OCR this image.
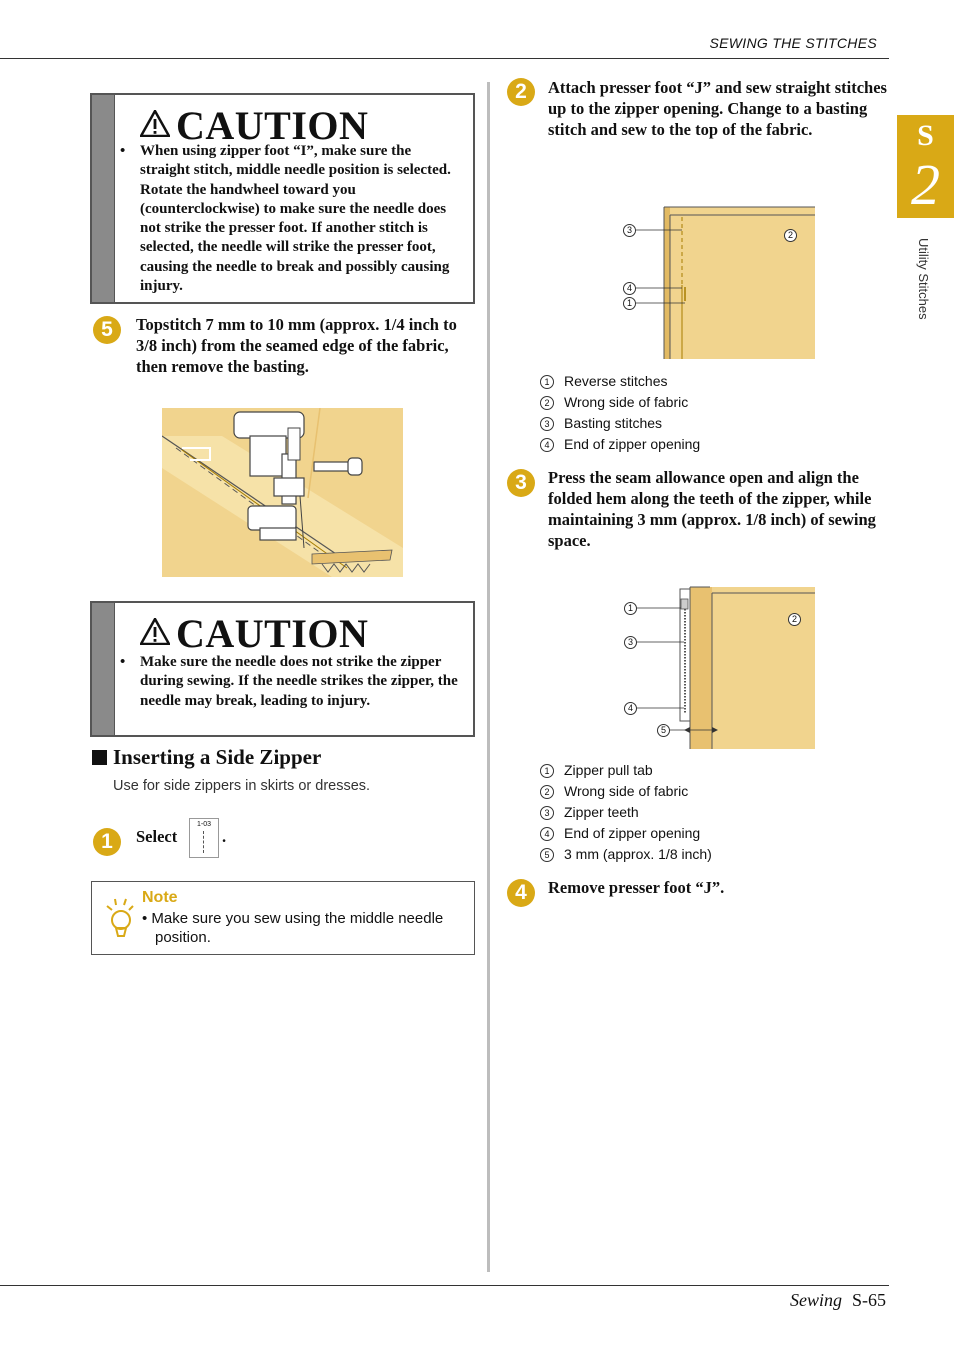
SEWING THE STITCHES
S
2
Utility Stitches
Sewing S-65
CAUTION
• When using zipper foot “I”, make sure the straight stitch, middle needle position is selected. Rotate the handwheel toward you (counterclockwise) to make sure the needle does not strike the presser foot. If another stitch is selected, the needle will strike the presser foot, causing the needle to break and possibly causing injury.
5	Topstitch 7 mm to 10 mm (approx. 1/4 inch to 3/8 inch) from the seamed edge of the fabric, then remove the basting.
CAUTION
• Make sure the needle does not strike the zipper during sewing. If the needle strikes the zipper, the needle may break, leading to injury.
Inserting a Side Zipper
Use for side zippers in skirts or dresses.
1	Select
1-03
.
Note
• Make sure you sew using the middle needle position.
2	Attach presser foot “J” and sew straight stitches up to the zipper opening. Change to a basting stitch and sew to the top of the fabric.
3	2
4
1
1	Reverse stitches
2	Wrong side of fabric
3	Basting stitches
4	End of zipper opening
3	Press the seam allowance open and align the folded hem along the teeth of the zipper, while maintaining 3 mm (approx. 1/8 inch) of sewing space.
1
2
3
4
5
1	Zipper pull tab
2	Wrong side of fabric
3	Zipper teeth
4	End of zipper opening
5	3 mm (approx. 1/8 inch)
4	Remove presser foot “J”.
